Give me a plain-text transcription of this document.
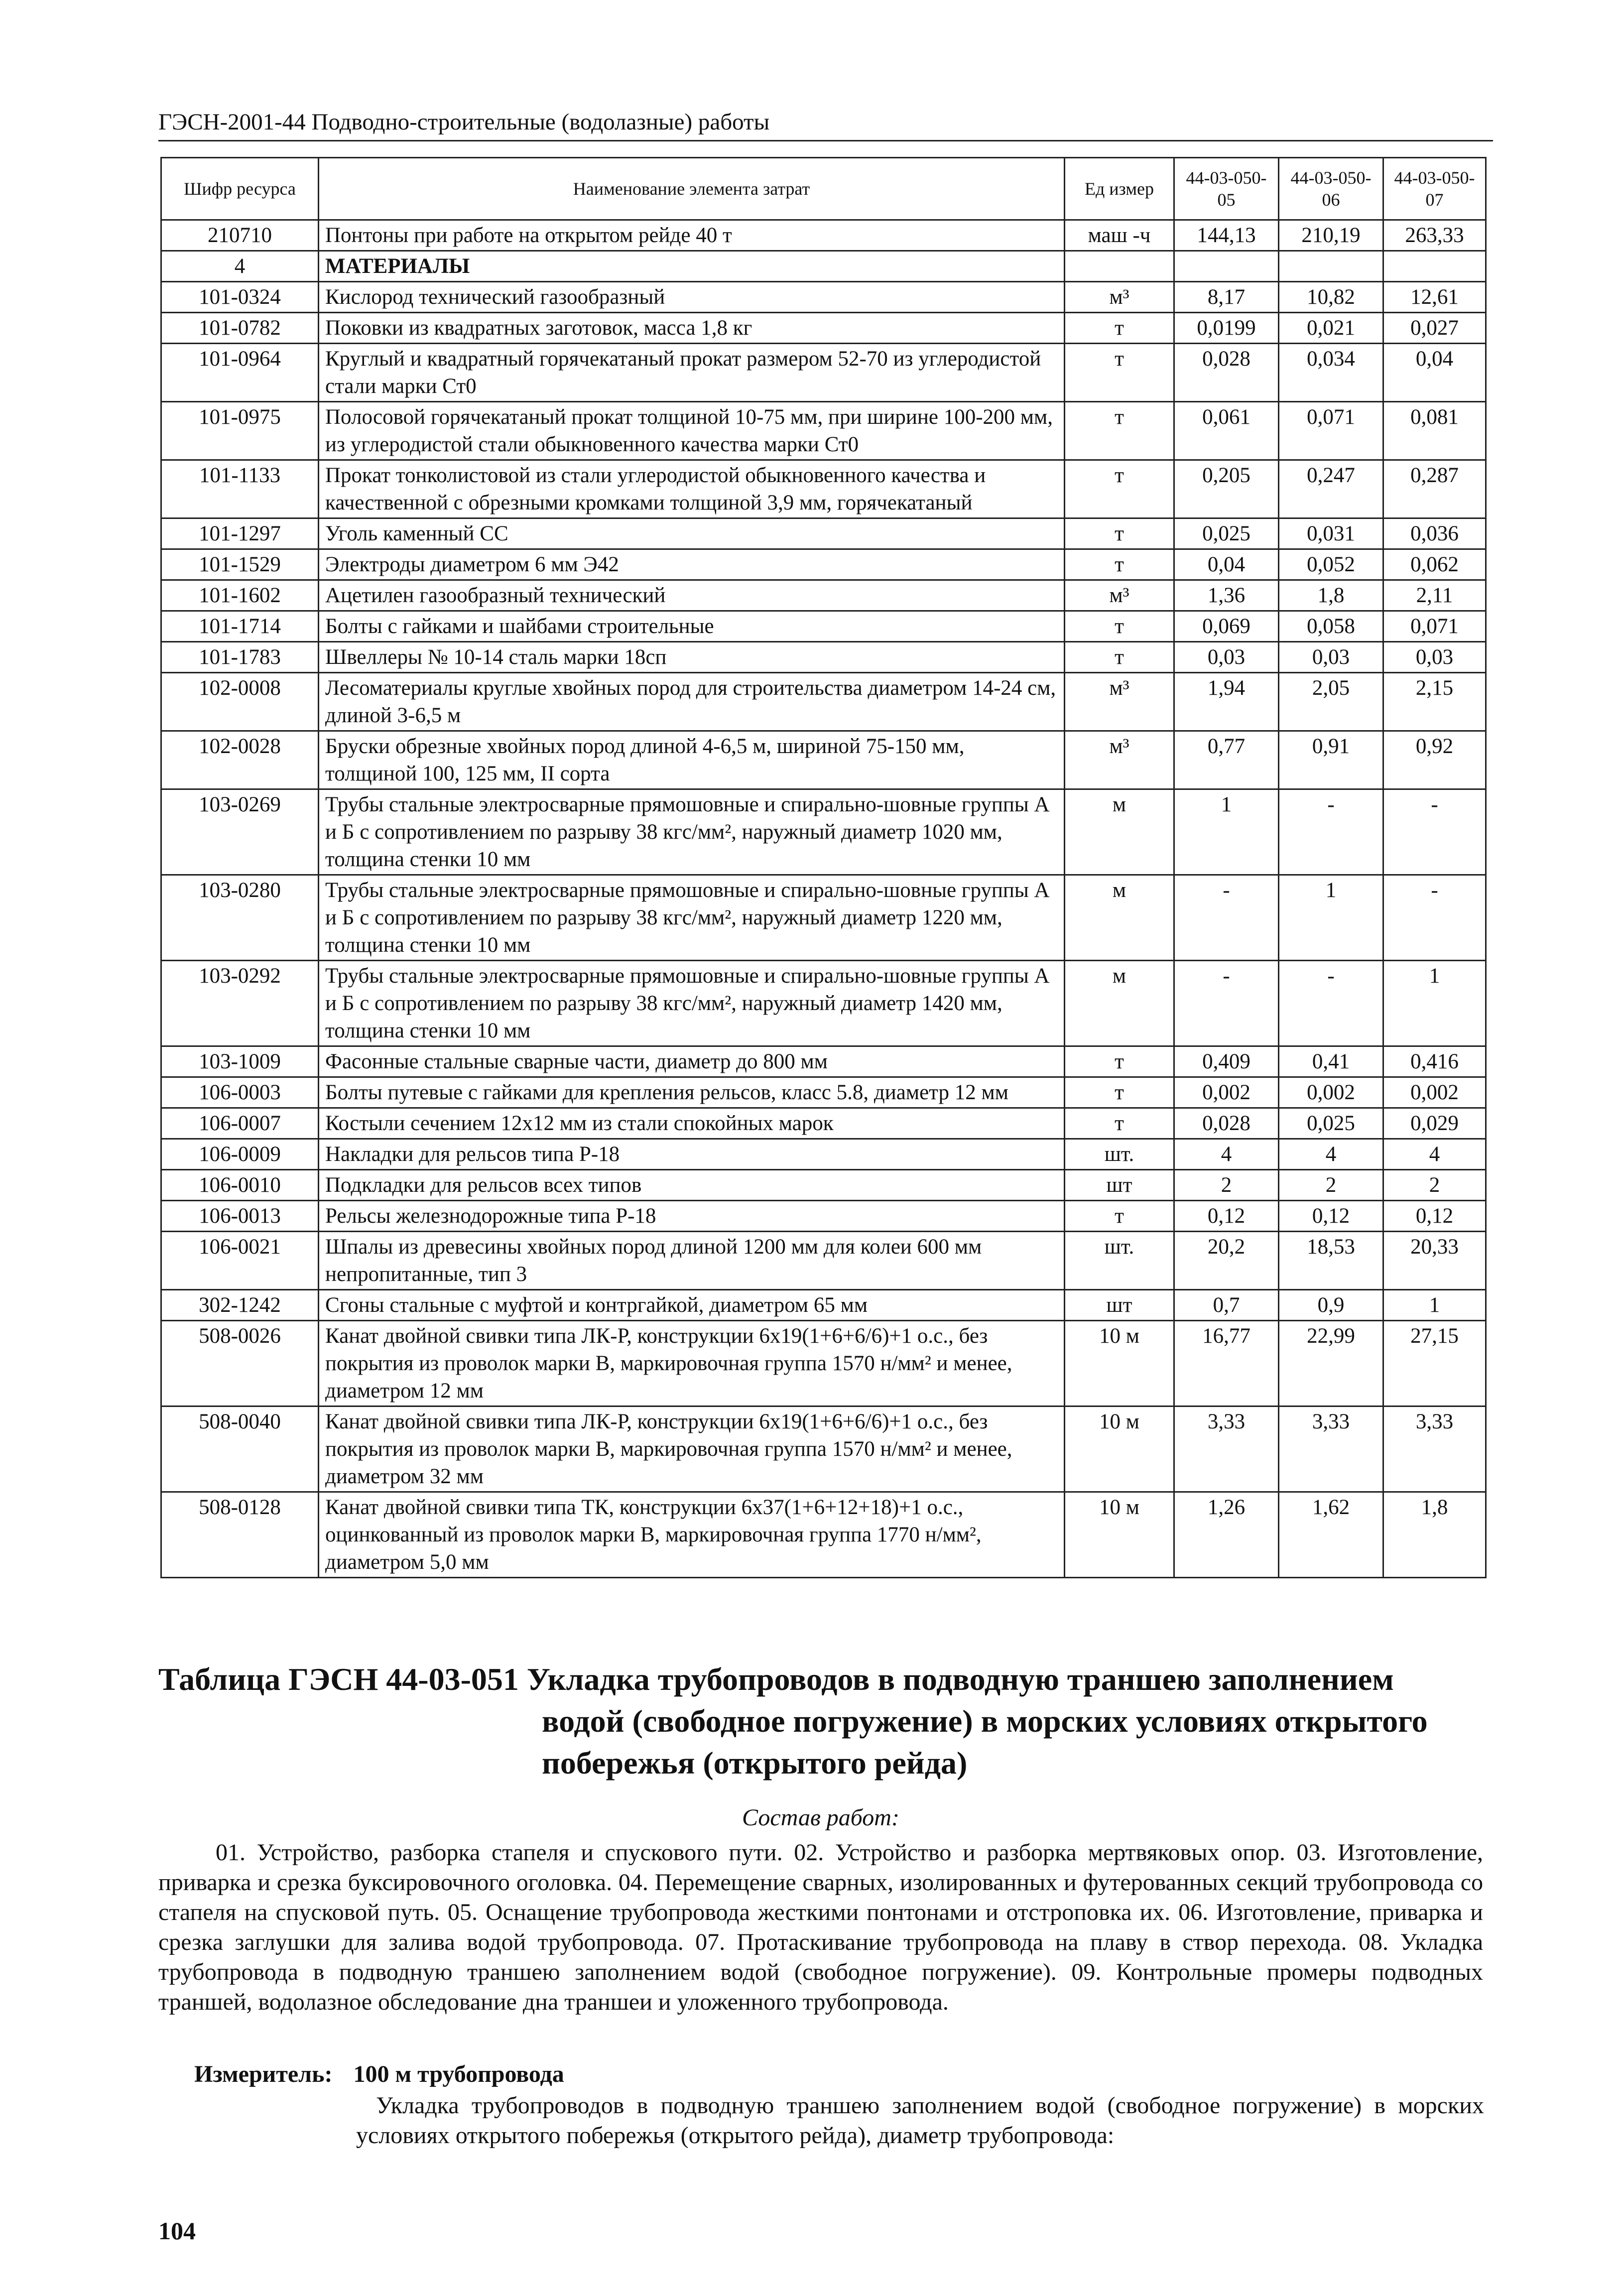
ГЭСН-2001-44 Подводно-строительные (водолазные) работы
Шифр ресурса	Наименование элемента затрат	Ед измер	44-03-050-05	44-03-050-06	44-03-050-07
210710	Понтоны при работе на открытом рейде 40 т	маш -ч	144,13	210,19	263,33
4	МАТЕРИАЛЫ				
101-0324	Кислород технический газообразный	м³	8,17	10,82	12,61
101-0782	Поковки из квадратных заготовок, масса 1,8 кг	т	0,0199	0,021	0,027
101-0964	Круглый и квадратный горячекатаный прокат размером 52-70 из углеродистой стали марки Ст0	т	0,028	0,034	0,04
101-0975	Полосовой горячекатаный прокат толщиной 10-75 мм, при ширине 100-200 мм, из углеродистой стали обыкновенного качества марки Ст0	т	0,061	0,071	0,081
101-1133	Прокат тонколистовой из стали углеродистой обыкновенного качества и качественной с обрезными кромками толщиной 3,9 мм, горячекатаный	т	0,205	0,247	0,287
101-1297	Уголь каменный СС	т	0,025	0,031	0,036
101-1529	Электроды диаметром 6 мм Э42	т	0,04	0,052	0,062
101-1602	Ацетилен газообразный технический	м³	1,36	1,8	2,11
101-1714	Болты с гайками и шайбами строительные	т	0,069	0,058	0,071
101-1783	Швеллеры № 10-14 сталь марки 18сп	т	0,03	0,03	0,03
102-0008	Лесоматериалы круглые хвойных пород для строительства диаметром 14-24 см, длиной 3-6,5 м	м³	1,94	2,05	2,15
102-0028	Бруски обрезные хвойных пород длиной 4-6,5 м, шириной 75-150 мм, толщиной 100, 125 мм, II сорта	м³	0,77	0,91	0,92
103-0269	Трубы стальные электросварные прямошовные и спирально-шовные группы А и Б с сопротивлением по разрыву 38 кгс/мм², наружный диаметр 1020 мм, толщина стенки 10 мм	м	1	-	-
103-0280	Трубы стальные электросварные прямошовные и спирально-шовные группы А и Б с сопротивлением по разрыву 38 кгс/мм², наружный диаметр 1220 мм, толщина стенки 10 мм	м	-	1	-
103-0292	Трубы стальные электросварные прямошовные и спирально-шовные группы А и Б с сопротивлением по разрыву 38 кгс/мм², наружный диаметр 1420 мм, толщина стенки 10 мм	м	-	-	1
103-1009	Фасонные стальные сварные части, диаметр до 800 мм	т	0,409	0,41	0,416
106-0003	Болты путевые с гайками для крепления рельсов, класс 5.8, диаметр 12 мм	т	0,002	0,002	0,002
106-0007	Костыли сечением 12х12 мм из стали спокойных марок	т	0,028	0,025	0,029
106-0009	Накладки для рельсов типа Р-18	шт.	4	4	4
106-0010	Подкладки для рельсов всех типов	шт	2	2	2
106-0013	Рельсы железнодорожные типа Р-18	т	0,12	0,12	0,12
106-0021	Шпалы из древесины хвойных пород длиной 1200 мм для колеи 600 мм непропитанные, тип 3	шт.	20,2	18,53	20,33
302-1242	Сгоны стальные с муфтой и контргайкой, диаметром 65 мм	шт	0,7	0,9	1
508-0026	Канат двойной свивки типа ЛК-Р, конструкции 6х19(1+6+6/6)+1 о.с., без покрытия из проволок марки В, маркировочная группа 1570 н/мм² и менее, диаметром 12 мм	10 м	16,77	22,99	27,15
508-0040	Канат двойной свивки типа ЛК-Р, конструкции 6х19(1+6+6/6)+1 о.с., без покрытия из проволок марки В, маркировочная группа 1570 н/мм² и менее, диаметром 32 мм	10 м	3,33	3,33	3,33
508-0128	Канат двойной свивки типа ТК, конструкции 6х37(1+6+12+18)+1 о.с., оцинкованный из проволок марки В, маркировочная группа 1770 н/мм², диаметром 5,0 мм	10 м	1,26	1,62	1,8
Таблица ГЭСН 44-03-051 Укладка трубопроводов в подводную траншею заполнением
водой (свободное погружение) в морских условиях открытого
побережья (открытого рейда)
Состав работ:
01. Устройство, разборка стапеля и спускового пути. 02. Устройство и разборка мертвяковых опор. 03. Изготовление, приварка и срезка буксировочного оголовка. 04. Перемещение сварных, изолированных и футерованных секций трубопровода со стапеля на спусковой путь. 05. Оснащение трубопровода жесткими понтонами и отстроповка их. 06. Изготовление, приварка и срезка заглушки для залива водой трубопровода. 07. Протаскивание трубопровода на плаву в створ перехода. 08. Укладка трубопровода в подводную траншею заполнением водой (свободное погружение). 09. Контрольные промеры подводных траншей, водолазное обследование дна траншеи и уложенного трубопровода.
Измеритель: 100 м трубопровода
Укладка трубопроводов в подводную траншею заполнением водой (свободное погружение) в морских условиях открытого побережья (открытого рейда), диаметр трубопровода:
104
